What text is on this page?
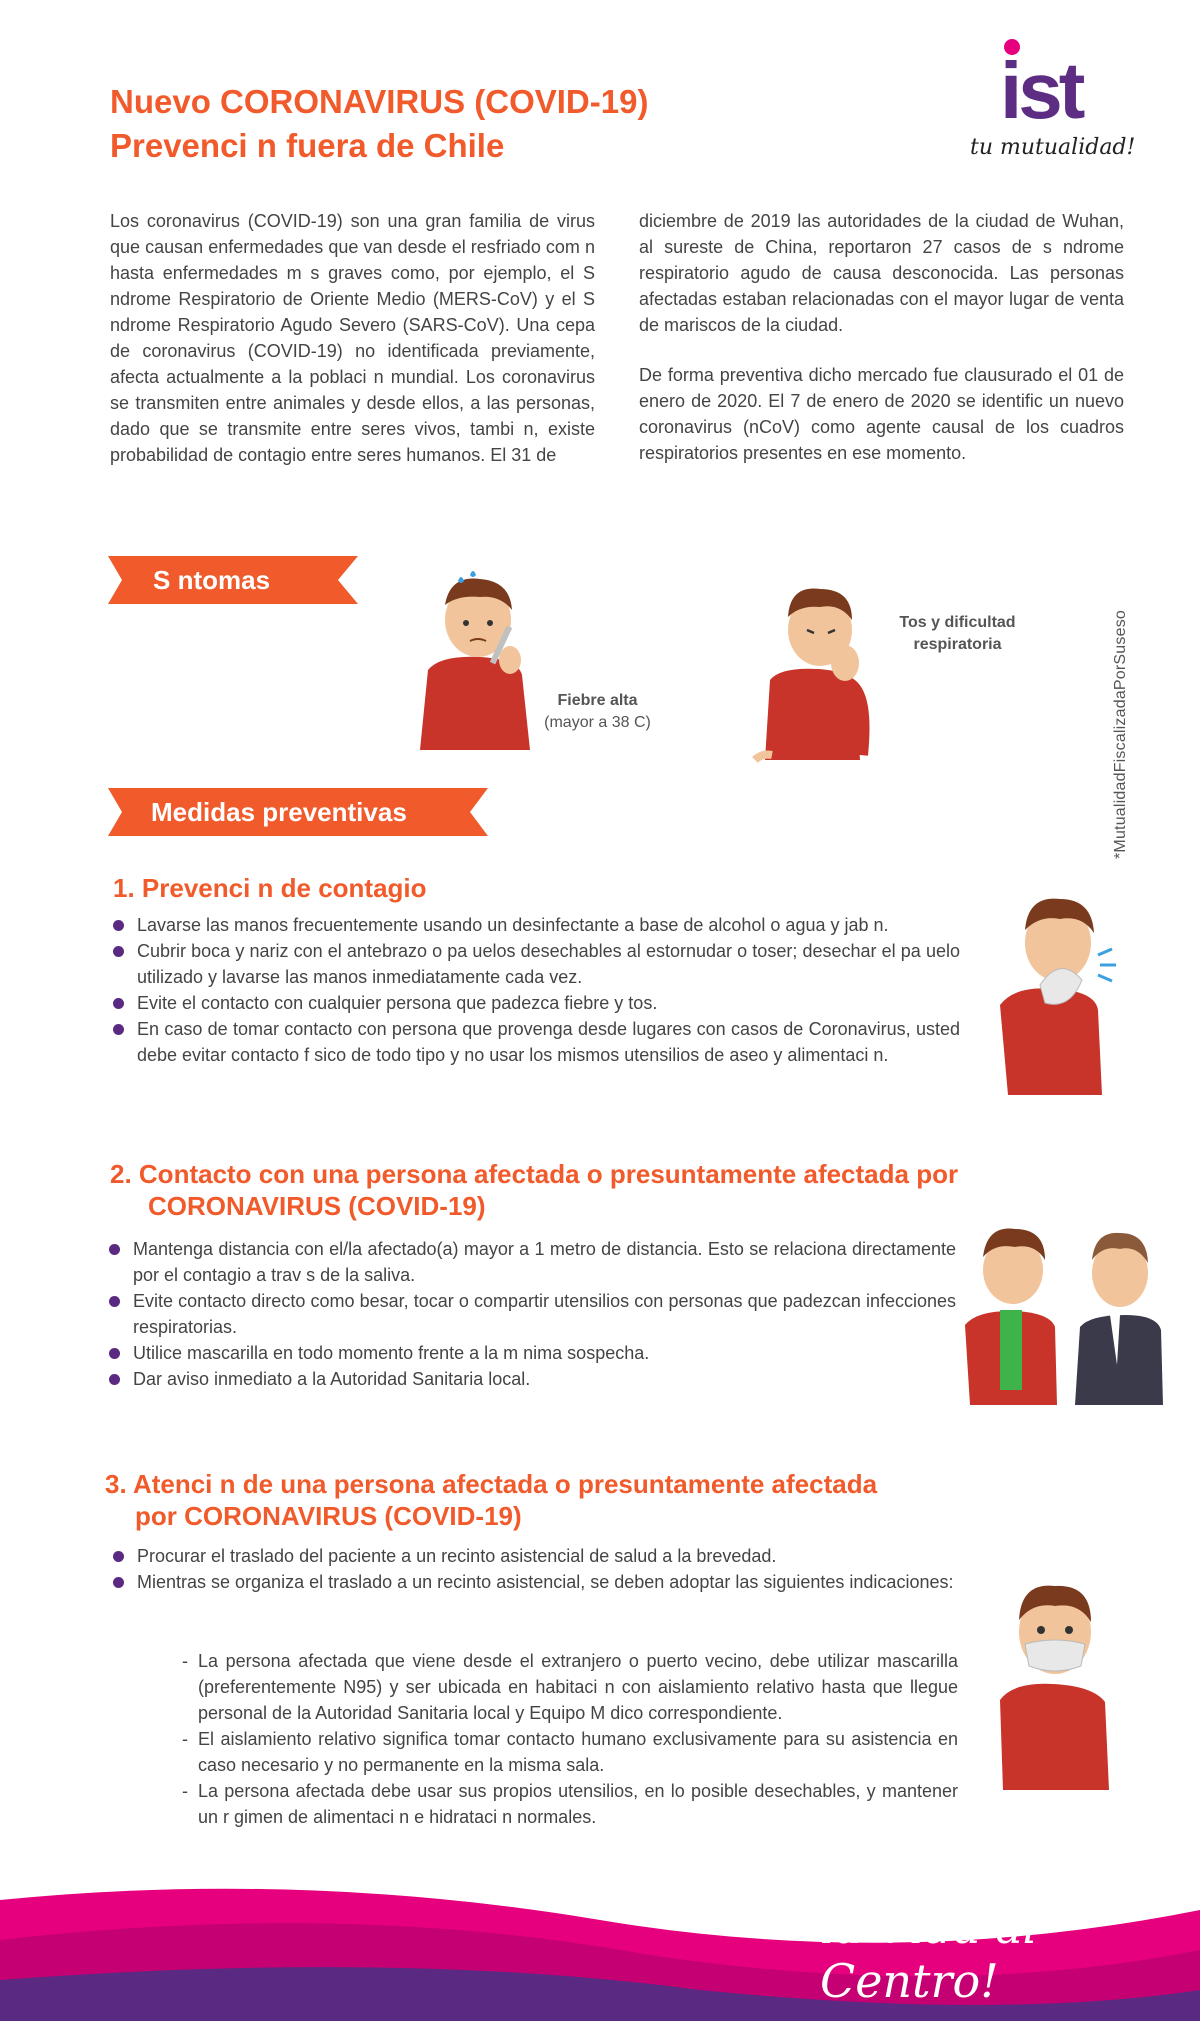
Nuevo CORONAVIRUS (COVID-19)
Prevenci n fuera de Chile
ist
tu mutualidad!
Los coronavirus (COVID-19) son una gran familia de virus que causan enfermedades que van desde el resfriado com n hasta enfermedades m s graves como, por ejemplo, el S ndrome Respiratorio de Oriente Medio (MERS-CoV) y el S ndrome Respiratorio Agudo Severo (SARS-CoV). Una cepa de coronavirus (COVID-19) no identificada previamente, afecta actualmente a la poblaci n mundial. Los coronavirus se transmiten entre animales y desde ellos, a las personas, dado que se transmite entre seres vivos, tambi n, existe probabilidad de contagio entre seres humanos. El 31 de

diciembre de 2019 las autoridades de la ciudad de Wuhan, al sureste de China, reportaron 27 casos de s ndrome respiratorio agudo de causa desconocida. Las personas afectadas estaban relacionadas con el mayor lugar de venta de mariscos de la ciudad.

De forma preventiva dicho mercado fue clausurado el 01 de enero de 2020. El 7 de enero de 2020 se identific un nuevo coronavirus (nCoV) como agente causal de los cuadros respiratorios presentes en ese momento.

S ntomas
Fiebre alta
(mayor a 38 C)
Tos y dificultad
respiratoria	*MutualidadFiscalizadaPorSuseso
Medidas preventivas
1. Prevenci n de contagio
Lavarse las manos frecuentemente usando un desinfectante a base de alcohol o agua y jab n.
Cubrir boca y nariz con el antebrazo o pa uelos desechables al estornudar o toser; desechar el pa uelo utilizado y lavarse las manos inmediatamente cada vez.
Evite el contacto con cualquier persona que padezca fiebre y tos.
En caso de tomar contacto con persona que provenga desde lugares con casos de Coronavirus, usted debe evitar contacto f sico de todo tipo y no usar los mismos utensilios de aseo y alimentaci n.
2. Contacto con una persona afectada o presuntamente afectada por
CORONAVIRUS (COVID-19)
Mantenga distancia con el/la afectado(a) mayor a 1 metro de distancia. Esto se relaciona directamente por el contagio a trav s de la saliva.
Evite contacto directo como besar, tocar o compartir utensilios con personas que padezcan infecciones respiratorias.
Utilice mascarilla en todo momento frente a la m nima sospecha.
Dar aviso inmediato a la Autoridad Sanitaria local.
3. Atenci n de una persona afectada o presuntamente afectada
por CORONAVIRUS (COVID-19)
Procurar el traslado del paciente a un recinto asistencial de salud a la brevedad.
Mientras se organiza el traslado a un recinto asistencial, se deben adoptar las siguientes indicaciones:
- La persona afectada que viene desde el extranjero o puerto vecino, debe utilizar mascarilla (preferentemente N95) y ser ubicada en habitaci n con aislamiento relativo hasta que llegue personal de la Autoridad Sanitaria local y Equipo M dico correspondiente.
- El aislamiento relativo significa tomar contacto humano exclusivamente para su asistencia en caso necesario y no permanente en la misma sala.
- La persona afectada debe usar sus propios utensilios, en lo posible desechables, y mantener un r gimen de alimentaci n e hidrataci n normales.
la Vida al Centro!
